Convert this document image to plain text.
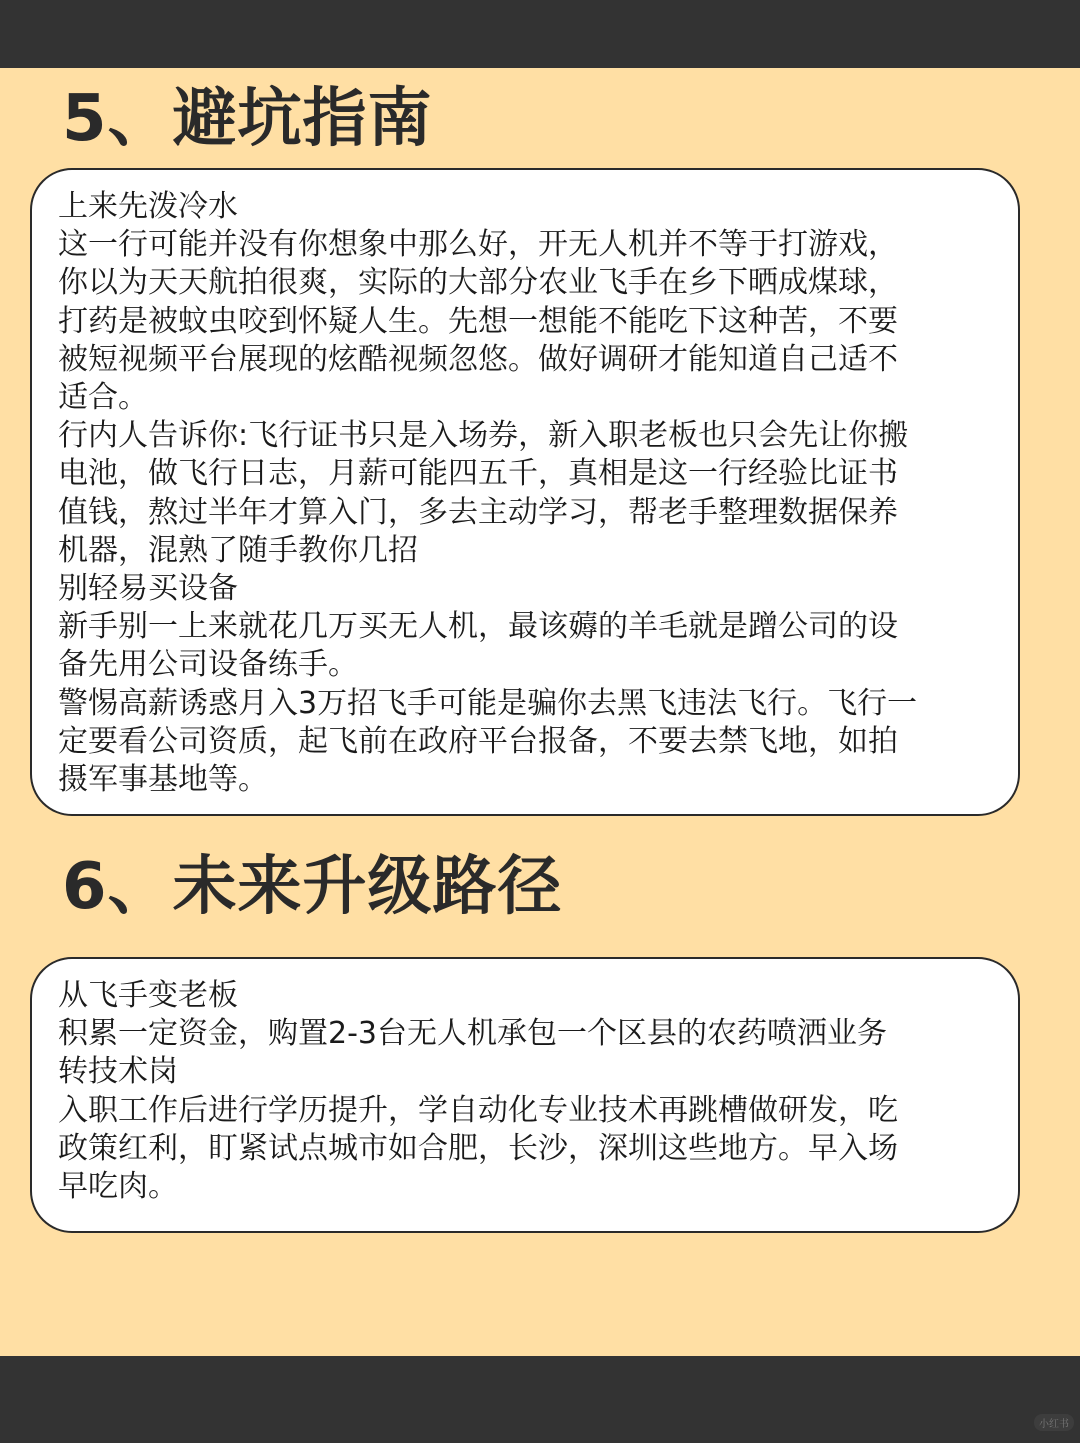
5、避坑指南

上来先泼冷水

这一行可能并没有你想象中那么好，开无人机并不等于打游戏，
你以为天天航拍很爽，实际的大部分农业飞手在乡下晒成煤球，
打药是被蚊虫咬到怀疑人生。先想一想能不能吃下这种苦，不要
被短视频平台展现的炫酷视频忽悠。做好调研才能知道自己适不
适合。

行内人告诉你:飞行证书只是入场券，新入职老板也只会先让你搬
电池，做飞行日志，月薪可能四五千，真相是这一行经验比证书
值钱，熬过半年才算入门，多去主动学习，帮老手整理数据保养
机器，混熟了随手教你几招

别轻易买设备

新手别一上来就花几万买无人机，最该薅的羊毛就是蹭公司的设
备先用公司设备练手。

警惕高薪诱惑月入3万招飞手可能是骗你去黑飞违法飞行。飞行一
定要看公司资质，起飞前在政府平台报备，不要去禁飞地，如拍
摄军事基地等。

6、未来升级路径

从飞手变老板

积累一定资金，购置2-3台无人机承包一个区县的农药喷洒业务

转技术岗

入职工作后进行学历提升，学自动化专业技术再跳槽做研发，吃
政策红利，盯紧试点城市如合肥，长沙，深圳这些地方。早入场
早吃肉。

小红书
